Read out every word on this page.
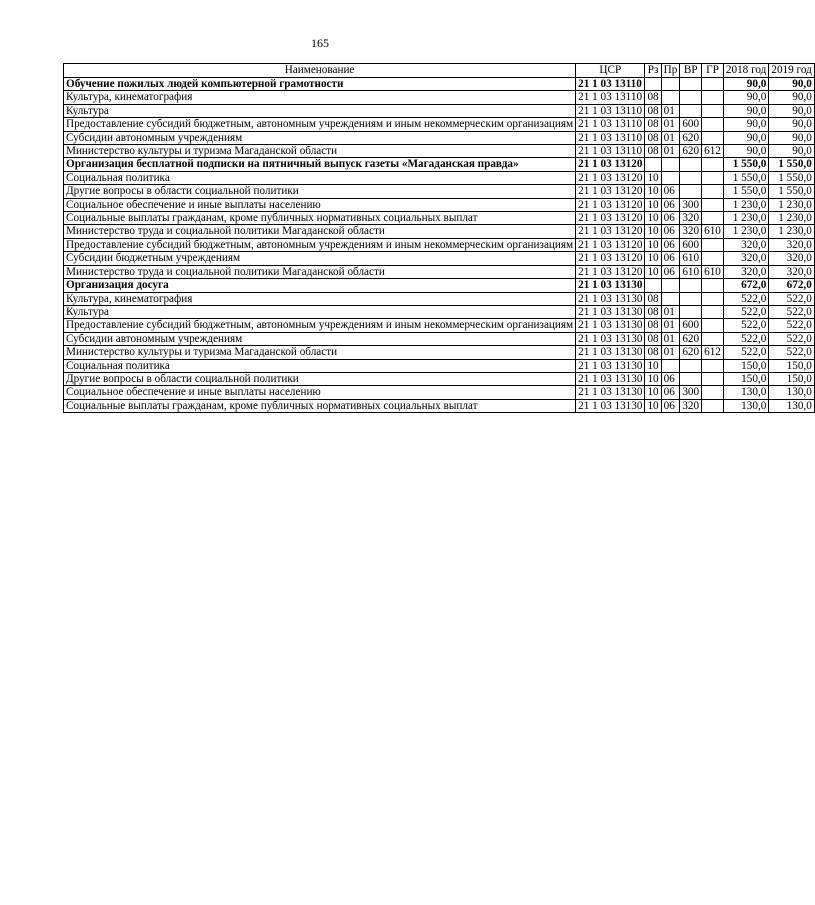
165
Наименование	ЦСР	Рз	Пр	ВР	ГР	2018 год	2019 год
Обучение пожилых людей компьютерной грамотности	21 1 03 13110					90,0	90,0
Культура, кинематография	21 1 03 13110	08				90,0	90,0
Культура	21 1 03 13110	08	01			90,0	90,0
Предоставление субсидий бюджетным, автономным учреждениям и иным некоммерческим организациям	21 1 03 13110	08	01	600		90,0	90,0
Субсидии автономным учреждениям	21 1 03 13110	08	01	620		90,0	90,0
Министерство культуры и туризма Магаданской области	21 1 03 13110	08	01	620	612	90,0	90,0
Организация бесплатной подписки на пятничный выпуск газеты «Магаданская правда»	21 1 03 13120					1 550,0	1 550,0
Социальная политика	21 1 03 13120	10				1 550,0	1 550,0
Другие вопросы в области социальной политики	21 1 03 13120	10	06			1 550,0	1 550,0
Социальное обеспечение и иные выплаты населению	21 1 03 13120	10	06	300		1 230,0	1 230,0
Социальные выплаты гражданам, кроме публичных нормативных социальных выплат	21 1 03 13120	10	06	320		1 230,0	1 230,0
Министерство труда и социальной политики Магаданской области	21 1 03 13120	10	06	320	610	1 230,0	1 230,0
Предоставление субсидий бюджетным, автономным учреждениям и иным некоммерческим организациям	21 1 03 13120	10	06	600		320,0	320,0
Субсидии бюджетным учреждениям	21 1 03 13120	10	06	610		320,0	320,0
Министерство труда и социальной политики Магаданской области	21 1 03 13120	10	06	610	610	320,0	320,0
Организация досуга	21 1 03 13130					672,0	672,0
Культура, кинематография	21 1 03 13130	08				522,0	522,0
Культура	21 1 03 13130	08	01			522,0	522,0
Предоставление субсидий бюджетным, автономным учреждениям и иным некоммерческим организациям	21 1 03 13130	08	01	600		522,0	522,0
Субсидии автономным учреждениям	21 1 03 13130	08	01	620		522,0	522,0
Министерство культуры и туризма Магаданской области	21 1 03 13130	08	01	620	612	522,0	522,0
Социальная политика	21 1 03 13130	10				150,0	150,0
Другие вопросы в области социальной политики	21 1 03 13130	10	06			150,0	150,0
Социальное обеспечение и иные выплаты населению	21 1 03 13130	10	06	300		130,0	130,0
Социальные выплаты гражданам, кроме публичных нормативных социальных выплат	21 1 03 13130	10	06	320		130,0	130,0
